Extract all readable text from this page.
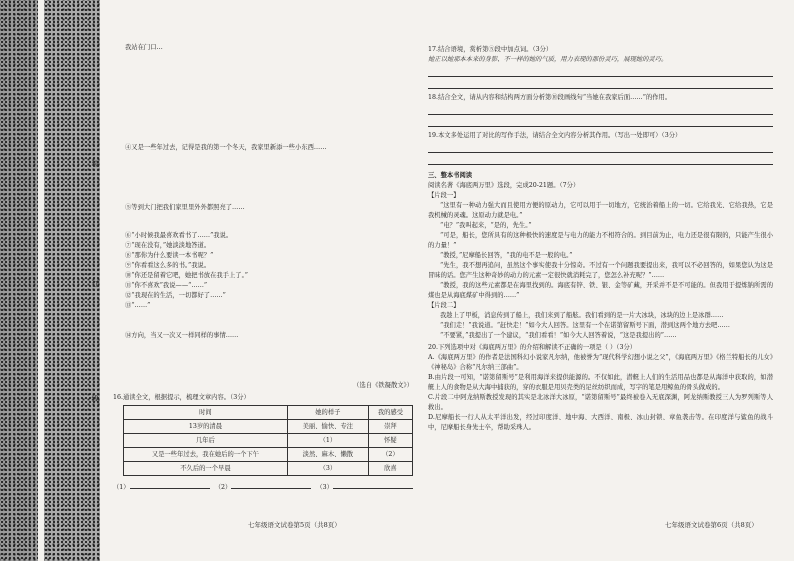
装
订
线

我站在门口…

④又是一些年过去，记得是我的第一个冬天，我家里新添一些小东西……

⑤等到大门把我们家里里外外都照亮了……

⑥“小时候我最喜欢看书了……”我说。

⑦“现在没有，”她淡淡地答道。

⑧“那你为什么要读一本书呢？”

⑨“你看看这么多的书。”我说。

⑩“你还是留着它吧，她把书放在我手上了。”

⑪“你不喜欢”我说——“……”

⑫“我现在的生活，一切都好了……”

⑬“……”

⑭方向，当又一次又一样同样的事情……

（选自《铁凝散文》）

16.通读全文，根据提示，梳理文章内容。（3分）

时间	她的样子	我的感受
13岁的清晨	美丽、愉快、专注	崇拜
几年后	（1）	怀疑
又是一些年过去，我在她后的一个下午	淡然、麻木、懒散	（2）
不久后的一个早晨	（3）	欣喜
（1）	（2）	（3）
七年级语文试卷第5页（共8页）

17.结合语境，赏析第⑤段中加点词。（3分）

她正以她那本本来的身影、不一样的她的气质，用力表现的那份灵巧，展现她的灵巧。

18.结合全文，请从内容和结构两方面分析第⑩段画线句“当她在我家后面……”的作用。

19.本文多处运用了对比的写作手法，请结合全文内容分析其作用。（写出一处即可）（3分）

三、整本书阅读

阅读名著《海底两万里》选段，完成20-21题。（7分）

【片段一】

“这里有一种动力强大而且使用方便的原动力，它可以用于一切地方，它统治着船上的一切。它给我光、它给我热，它是我机械的灵魂。这原动力就是电。”

“电？”我叫起来，“是的，先生。”

“可是，船长，您所具有的这种极快的速度是与电力的能力不相符合的。到目前为止，电力还是很有限的，只能产生很小的力量！”

“教授，”尼摩船长回答，“我的电不是一般的电。”

“先生，我不想再追问，虽然这个事实使我十分惊奇。不过有一个问题我要提出来，我可以不必回答的，如果您认为这是冒昧的话。您产生这种奇妙的动力的元素一定很快就消耗完了，您怎么补充呢？”……

“教授，我的这些元素都是在海里找到的。海底有锌、铁、银、金等矿藏，开采并不是不可能的。但我用于提炼钠所需的煤也是从海底煤矿中得到的……”

【片段二】

我趁上了甲板，消息传到了船上，我们来到了船舷。我们看到的是一片大冰块，冰块的边上是冰群……

“我们走！”我说道。“赶快走！”如今大人回答。这里有一个在诺第留斯号下面，潜到这两个地方去吧……

“不要紧，”我提出了一个建议，“我们看看！”如今大人回答着说，“这是我提出的”……

20.下列选项中对《海底两万里》的介绍和解读不正确的一项是（ ）（3分）

A.《海底两万里》的作者是法国科幻小说家凡尔纳，他被誉为“现代科学幻想小说之父”，《海底两万里》《格兰特船长的儿女》《神秘岛》合称“凡尔纳三部曲”。

B.由片段一可知，“诺第留斯号”是利用海洋来提供能源的。不仅如此，潜艇上人们的生活用品也都是从海洋中获取的，如潜艇上人的食物是从大海中捕获的，穿的衣服是用贝壳类的足丝纺织而成，写字的笔是用鲸鱼的骨头做成的。

C.片段二中阿龙纳斯教授发现的其实是北冰洋大冰原，“诺第留斯号”最终被卷入无底深渊，阿龙纳斯教授三人为罗列斯等人救出。

D.尼摩船长一行人从太平洋出发，经过印度洋、地中海、大西洋、南极、冰山封锁、章鱼袭击等。在印度洋与鲨鱼的战斗中，尼摩船长身先士卒，帮助采珠人。

七年级语文试卷第6页（共8页）
